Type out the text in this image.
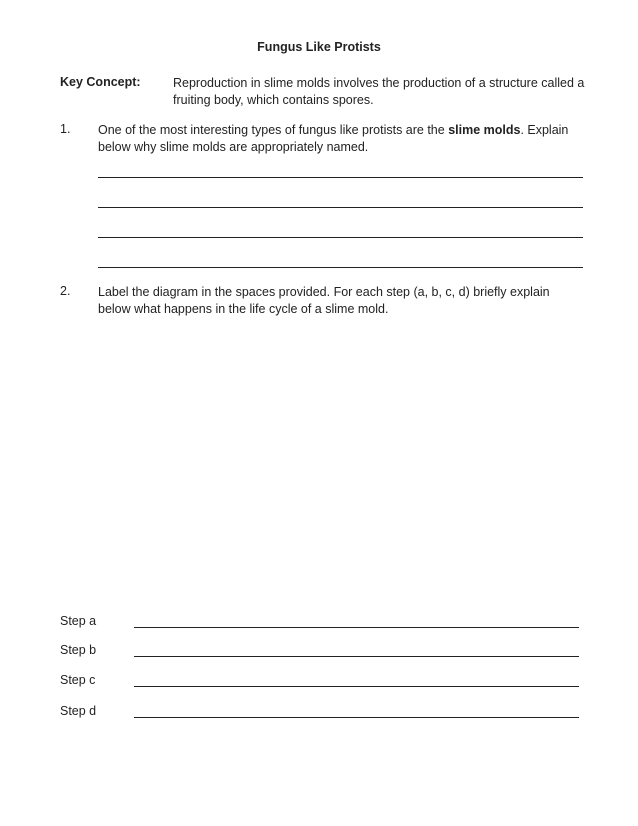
Fungus Like Protists
Key Concept:	Reproduction in slime molds involves the production of a structure called a fruiting body, which contains spores.
1. One of the most interesting types of fungus like protists are the slime molds. Explain below why slime molds are appropriately named.
2. Label the diagram in the spaces provided. For each step (a, b, c, d) briefly explain below what happens in the life cycle of a slime mold.
Step a
Step b
Step c
Step d
